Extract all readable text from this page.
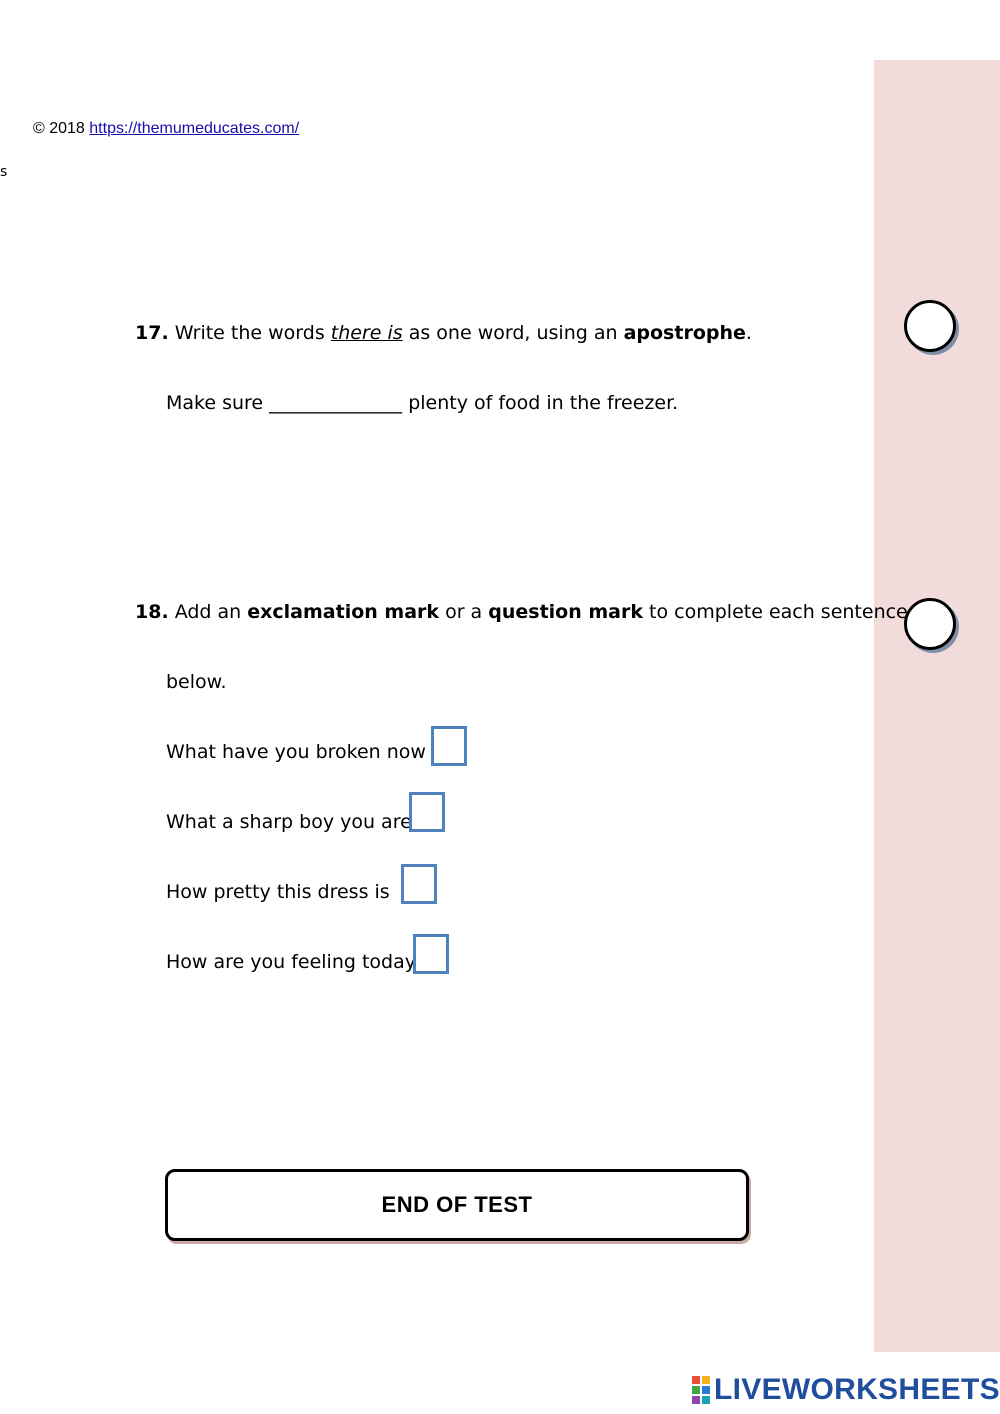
© 2018 https://themumeducates.com/
s
17. Write the words there is as one word, using an apostrophe.
Make sure ______________ plenty of food in the freezer.
18. Add an exclamation mark or a question mark to complete each sentence
below.
What have you broken now
What a sharp boy you are
How pretty this dress is
How are you feeling today
END OF TEST
LIVEWORKSHEETS
